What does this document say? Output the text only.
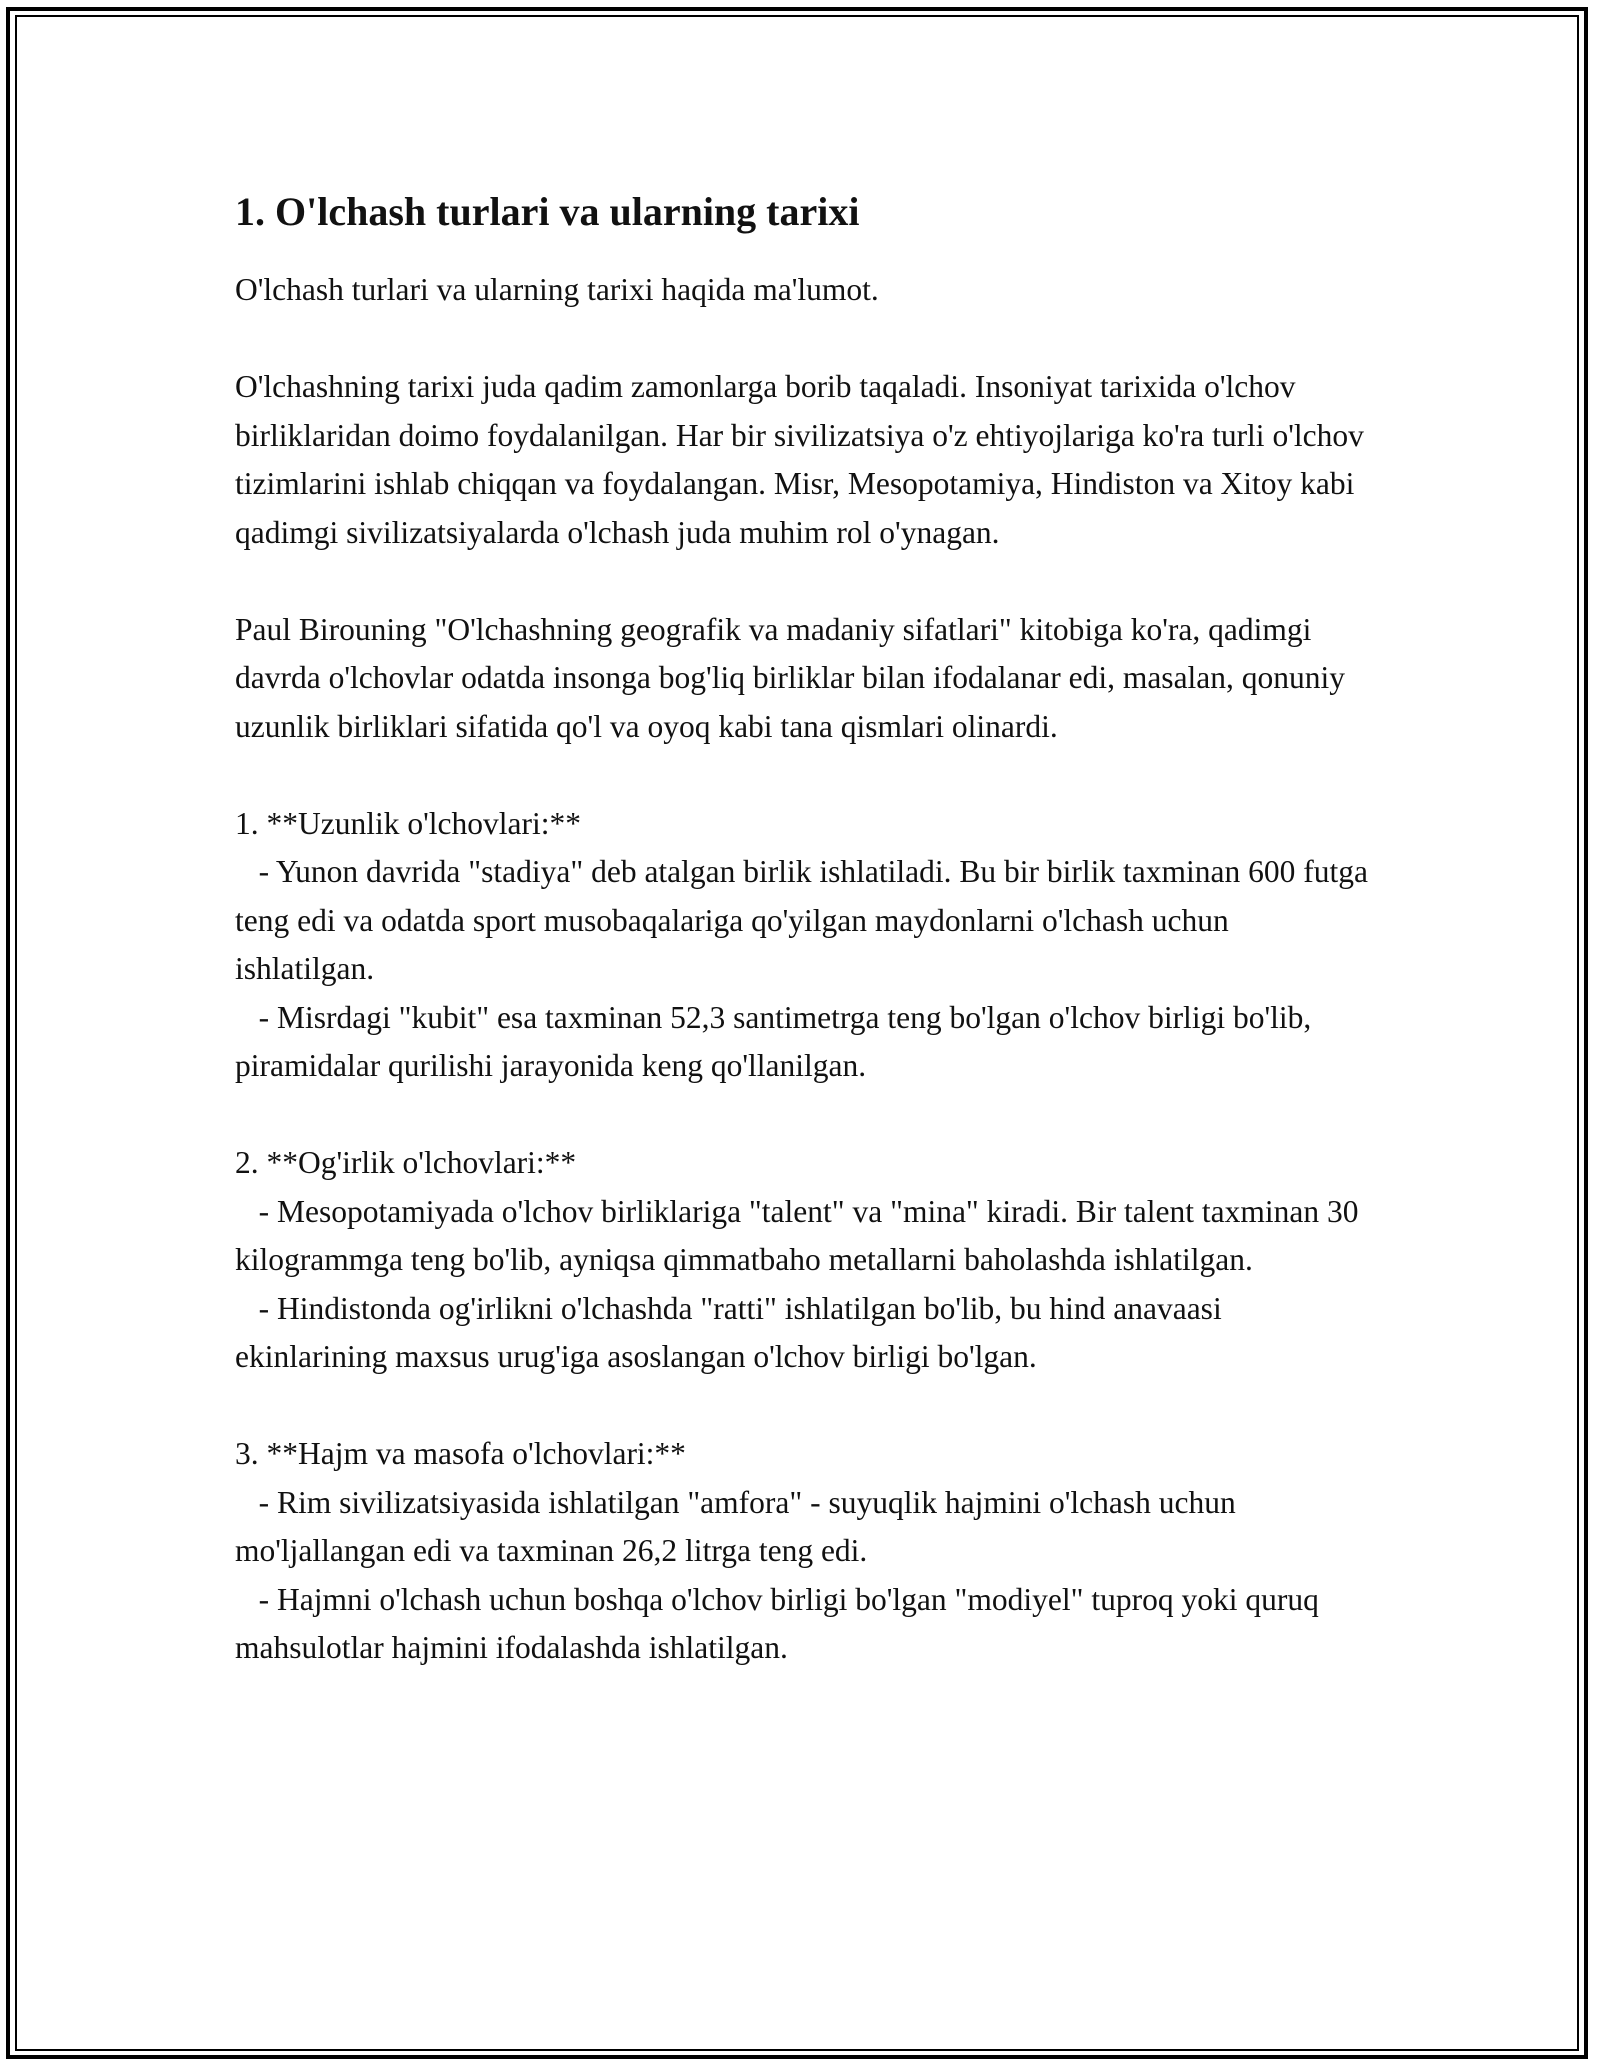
1. O'lchash turlari va ularning tarixi

O'lchash turlari va ularning tarixi haqida ma'lumot.

O'lchashning tarixi juda qadim zamonlarga borib taqaladi. Insoniyat tarixida o'lchov birliklaridan doimo foydalanilgan. Har bir sivilizatsiya o'z ehtiyojlariga ko'ra turli o'lchov tizimlarini ishlab chiqqan va foydalangan. Misr, Mesopotamiya, Hindiston va Xitoy kabi qadimgi sivilizatsiyalarda o'lchash juda muhim rol o'ynagan.

Paul Birouning "O'lchashning geografik va madaniy sifatlari" kitobiga ko'ra, qadimgi davrda o'lchovlar odatda insonga bog'liq birliklar bilan ifodalanar edi, masalan, qonuniy uzunlik birliklari sifatida qo'l va oyoq kabi tana qismlari olinardi.

1. **Uzunlik o'lchovlari:**

- Yunon davrida "stadiya" deb atalgan birlik ishlatiladi. Bu bir birlik taxminan 600 futga teng edi va odatda sport musobaqalariga qo'yilgan maydonlarni o'lchash uchun ishlatilgan.

- Misrdagi "kubit" esa taxminan 52,3 santimetrga teng bo'lgan o'lchov birligi bo'lib, piramidalar qurilishi jarayonida keng qo'llanilgan.

2. **Og'irlik o'lchovlari:**

- Mesopotamiyada o'lchov birliklariga "talent" va "mina" kiradi. Bir talent taxminan 30 kilogrammga teng bo'lib, ayniqsa qimmatbaho metallarni baholashda ishlatilgan.

- Hindistonda og'irlikni o'lchashda "ratti" ishlatilgan bo'lib, bu hind anavaasi ekinlarining maxsus urug'iga asoslangan o'lchov birligi bo'lgan.

3. **Hajm va masofa o'lchovlari:**

- Rim sivilizatsiyasida ishlatilgan "amfora" - suyuqlik hajmini o'lchash uchun mo'ljallangan edi va taxminan 26,2 litrga teng edi.

- Hajmni o'lchash uchun boshqa o'lchov birligi bo'lgan "modiyel" tuproq yoki quruq mahsulotlar hajmini ifodalashda ishlatilgan.
